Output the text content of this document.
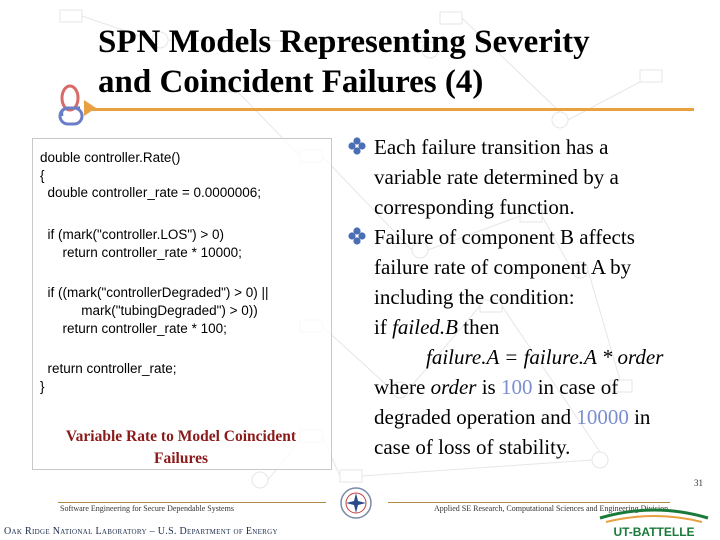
SPN Models Representing Severity
and Coincident Failures (4)
double controller.Rate()
{
double controller_rate = 0.0000006;
if (mark("controller.LOS") > 0)
return controller_rate * 10000;
if ((mark("controllerDegraded") > 0) ||
mark("tubingDegraded") > 0))
return controller_rate * 100;
return controller_rate;
}
Variable Rate to Model Coincident
Failures
Each failure transition has a
variable rate determined by a
corresponding function.
Failure of component B affects
failure rate of component A by
including the condition:
if failed.B then
failure.A = failure.A * order
where order is 100 in case of
degraded operation and 10000 in
case of loss of stability.
Software Engineering for Secure Dependable Systems	Applied SE Research, Computational Sciences and Engineering Division
31
Oak Ridge National Laboratory – U.S. Department of Energy	UT-BATTELLE
